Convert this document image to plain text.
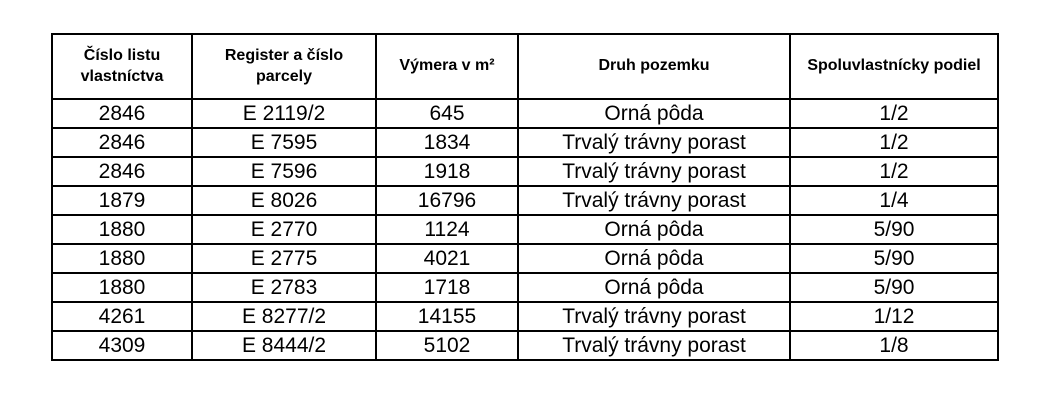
Číslo listu vlastníctva	Register a číslo parcely	Výmera v m²	Druh pozemku	Spoluvlastnícky podiel
2846	E 2119/2	645	Orná pôda	1/2
2846	E 7595	1834	Trvalý trávny porast	1/2
2846	E 7596	1918	Trvalý trávny porast	1/2
1879	E 8026	16796	Trvalý trávny porast	1/4
1880	E 2770	1124	Orná pôda	5/90
1880	E 2775	4021	Orná pôda	5/90
1880	E 2783	1718	Orná pôda	5/90
4261	E 8277/2	14155	Trvalý trávny porast	1/12
4309	E 8444/2	5102	Trvalý trávny porast	1/8
